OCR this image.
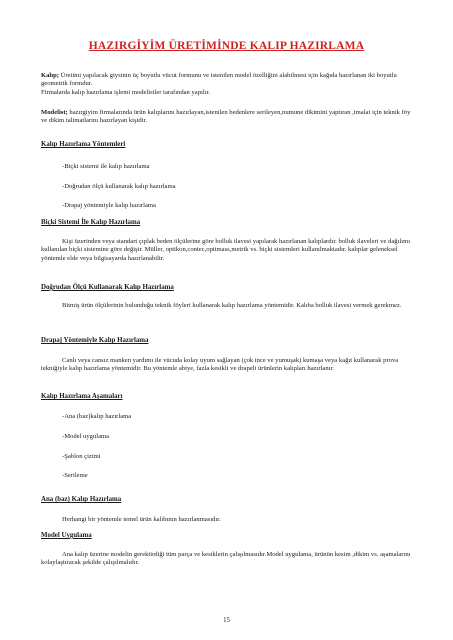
HAZIRGİYİM ÜRETİMİNDE KALIP HAZIRLAMA
Kalıp; Üretimi yapılacak giysinin üç boyutlu vücut formunu ve istenilen model özelliğini alabilmesi için kağıda hazırlanan iki boyutlu geometrik formdur.
Firmalarda kalıp hazırlama işlemi modelistler tarafından yapılır.
Modelist; hazırgiyim firmalarında ürün kalıplarını hazırlayan,istenilen bedenlere serileyen,numune dikimini yaptıran ,imalat için teknik föy ve dikim talimatlarını hazırlayan kişidir.
Kalıp Hazırlama Yöntemleri
-Biçki sistemi ile kalıp hazırlama
-Doğrudan ölçü kullanarak kalıp hazırlama
-Drapaj yöntemiyle kalıp hazırlama
Biçki Sistemi İle Kalıp Hazırlama
Kişi üzerinden veya standart çıplak beden ölçülerine göre bolluk ilavesi yapılarak hazırlanan kalıplardır. bolluk ilaveleri ve dağılımı kullanılan biçki sistemine göre değişir. Müller, optikon,contec,optimass,metrik vs. biçki sistemleri kullanılmaktadır. kalıplar geleneksel yöntemle elde veya bilgisayarda hazırlanabilir.
Doğrudan Ölçü Kullanarak Kalıp Hazırlama
Bitmiş ürün ölçülerinin bulunduğu teknik föyleri kullanarak kalıp hazırlama yöntemidir. Kalıba bolluk ilavesi vermek gerekmez.
Drapaj Yöntemiyle Kalıp Hazırlama
Canlı veya cansız manken yardımı ile vücuda kolay uyum sağlayan (çok ince ve yumuşak) kumaşa veya kağıt kullanarak prova tekniğiyle kalıp hazırlama yöntemidir. Bu yöntemle abiye, fazla kesikli ve drapeli ürünlerin kalıpları hazırlanır.
Kalıp Hazırlama Aşamaları
-Ana (baz)kalıp hazırlama
-Model uygulama
-Şablon çizimi
-Serileme
Ana (baz) Kalıp Hazırlama
Herhangi bir yöntemle temel ürün kalıbının hazırlanmasıdır.
Model Uygulama
Ana kalıp üzerine modelin gerektirdiği tüm parça ve kesiklerin çalışılmasıdır.Model uygulama, ürünün kesim ,dikim vs. aşamalarını kolaylaştıracak şekilde çalışılmalıdır.
15
